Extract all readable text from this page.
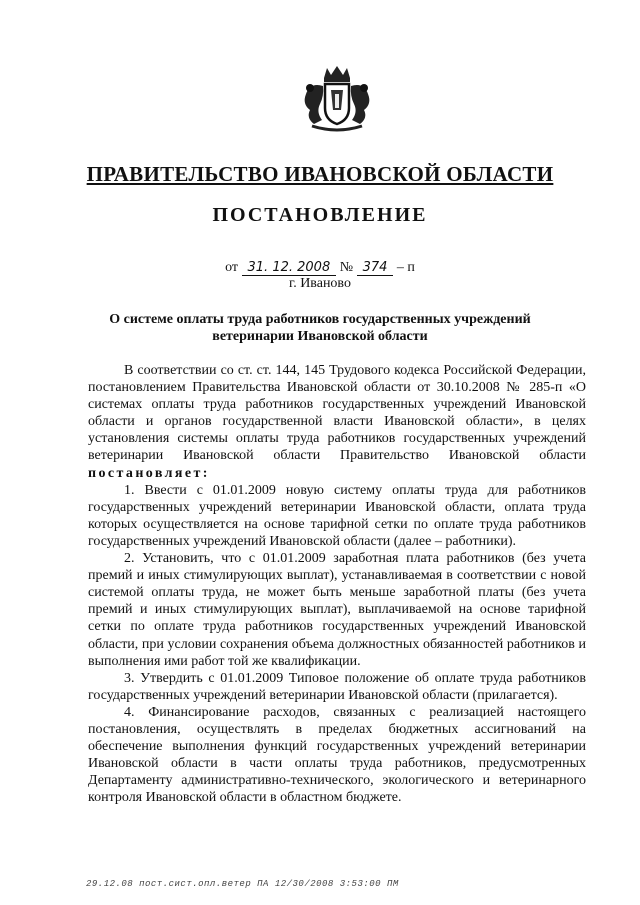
ПРАВИТЕЛЬСТВО ИВАНОВСКОЙ ОБЛАСТИ
ПОСТАНОВЛЕНИЕ
от 31. 12. 2008 № 374 – п
г. Иваново
О системе оплаты труда работников государственных учреждений
ветеринарии Ивановской области

В соответствии со ст. ст. 144, 145 Трудового кодекса Российской Федерации, постановлением Правительства Ивановской области от 30.10.2008 № 285-п «О системах оплаты труда работников государственных учреждений Ивановской области и органов государственной власти Ивановской области», в целях установления системы оплаты труда работников государственных учреждений ветеринарии Ивановской области Правительство Ивановской области постановляет:

1. Ввести с 01.01.2009 новую систему оплаты труда для работников государственных учреждений ветеринарии Ивановской области, оплата труда которых осуществляется на основе тарифной сетки по оплате труда работников государственных учреждений Ивановской области (далее – работники).

2. Установить, что с 01.01.2009 заработная плата работников (без учета премий и иных стимулирующих выплат), устанавливаемая в соответствии с новой системой оплаты труда, не может быть меньше заработной платы (без учета премий и иных стимулирующих выплат), выплачиваемой на основе тарифной сетки по оплате труда работников государственных учреждений Ивановской области, при условии сохранения объема должностных обязанностей работников и выполнения ими работ той же квалификации.

3. Утвердить с 01.01.2009 Типовое положение об оплате труда работников государственных учреждений ветеринарии Ивановской области (прилагается).

4. Финансирование расходов, связанных с реализацией настоящего постановления, осуществлять в пределах бюджетных ассигнований на обеспечение выполнения функций государственных учреждений ветеринарии Ивановской области в части оплаты труда работников, предусмотренных Департаменту административно-технического, экологического и ветеринарного контроля Ивановской области в областном бюджете.

29.12.08 пост.сист.опл.ветер ПА 12/30/2008 3:53:00 ПМ
